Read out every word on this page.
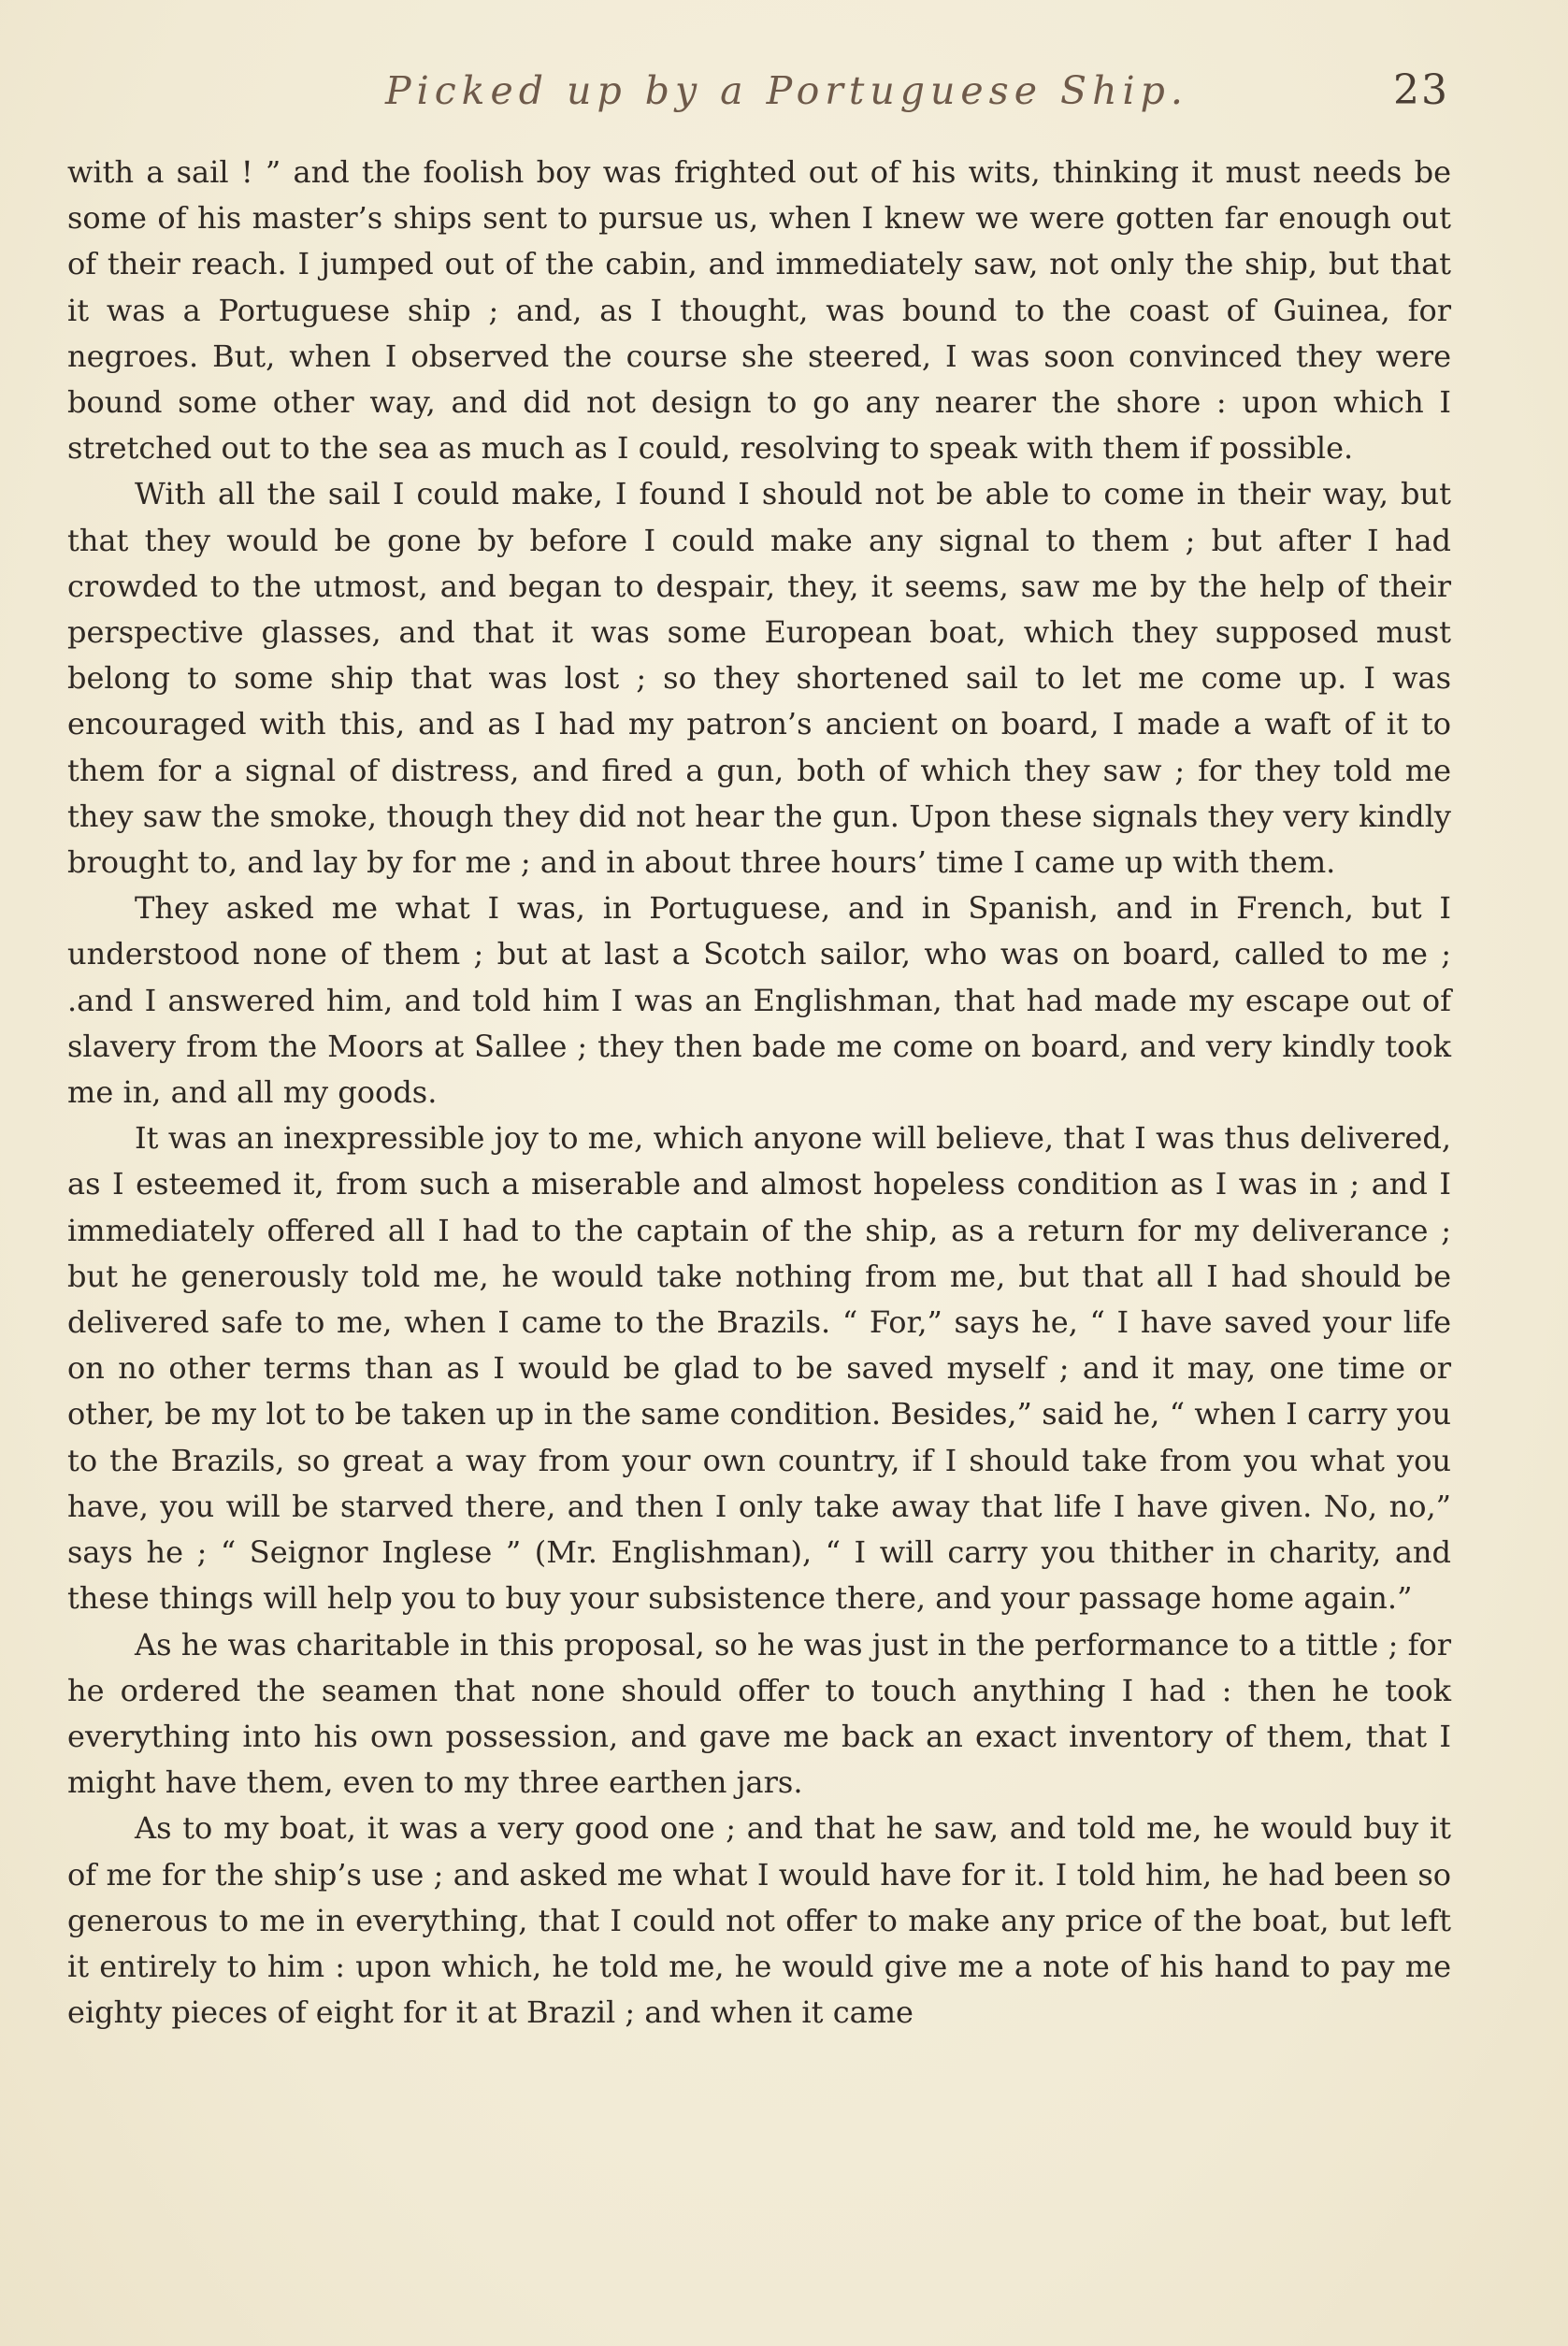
Picked up by a Portuguese Ship.	23

with a sail ! ” and the foolish boy was frighted out of his wits, thinking it must needs be some of his master’s ships sent to pursue us, when I knew we were gotten far enough out of their reach. I jumped out of the cabin, and immediately saw, not only the ship, but that it was a Portuguese ship ; and, as I thought, was bound to the coast of Guinea, for negroes. But, when I observed the course she steered, I was soon convinced they were bound some other way, and did not design to go any nearer the shore : upon which I stretched out to the sea as much as I could, resolving to speak with them if possible.

With all the sail I could make, I found I should not be able to come in their way, but that they would be gone by before I could make any signal to them ; but after I had crowded to the utmost, and began to despair, they, it seems, saw me by the help of their perspective glasses, and that it was some European boat, which they supposed must belong to some ship that was lost ; so they shortened sail to let me come up. I was encouraged with this, and as I had my patron’s ancient on board, I made a waft of it to them for a signal of distress, and fired a gun, both of which they saw ; for they told me they saw the smoke, though they did not hear the gun. Upon these signals they very kindly brought to, and lay by for me ; and in about three hours’ time I came up with them.

They asked me what I was, in Portuguese, and in Spanish, and in French, but I understood none of them ; but at last a Scotch sailor, who was on board, called to me ; .and I answered him, and told him I was an Englishman, that had made my escape out of slavery from the Moors at Sallee ; they then bade me come on board, and very kindly took me in, and all my goods.

It was an inexpressible joy to me, which anyone will believe, that I was thus delivered, as I esteemed it, from such a miserable and almost hopeless condition as I was in ; and I immediately offered all I had to the captain of the ship, as a return for my deliverance ; but he generously told me, he would take nothing from me, but that all I had should be delivered safe to me, when I came to the Brazils. “ For,” says he, “ I have saved your life on no other terms than as I would be glad to be saved myself ; and it may, one time or other, be my lot to be taken up in the same condition. Besides,” said he, “ when I carry you to the Brazils, so great a way from your own country, if I should take from you what you have, you will be starved there, and then I only take away that life I have given. No, no,” says he ; “ Seignor Inglese ” (Mr. Englishman), “ I will carry you thither in charity, and these things will help you to buy your subsistence there, and your passage home again.”

As he was charitable in this proposal, so he was just in the performance to a tittle ; for he ordered the seamen that none should offer to touch anything I had : then he took everything into his own possession, and gave me back an exact inventory of them, that I might have them, even to my three earthen jars.

As to my boat, it was a very good one ; and that he saw, and told me, he would buy it of me for the ship’s use ; and asked me what I would have for it. I told him, he had been so generous to me in everything, that I could not offer to make any price of the boat, but left it entirely to him : upon which, he told me, he would give me a note of his hand to pay me eighty pieces of eight for it at Brazil ; and when it came
